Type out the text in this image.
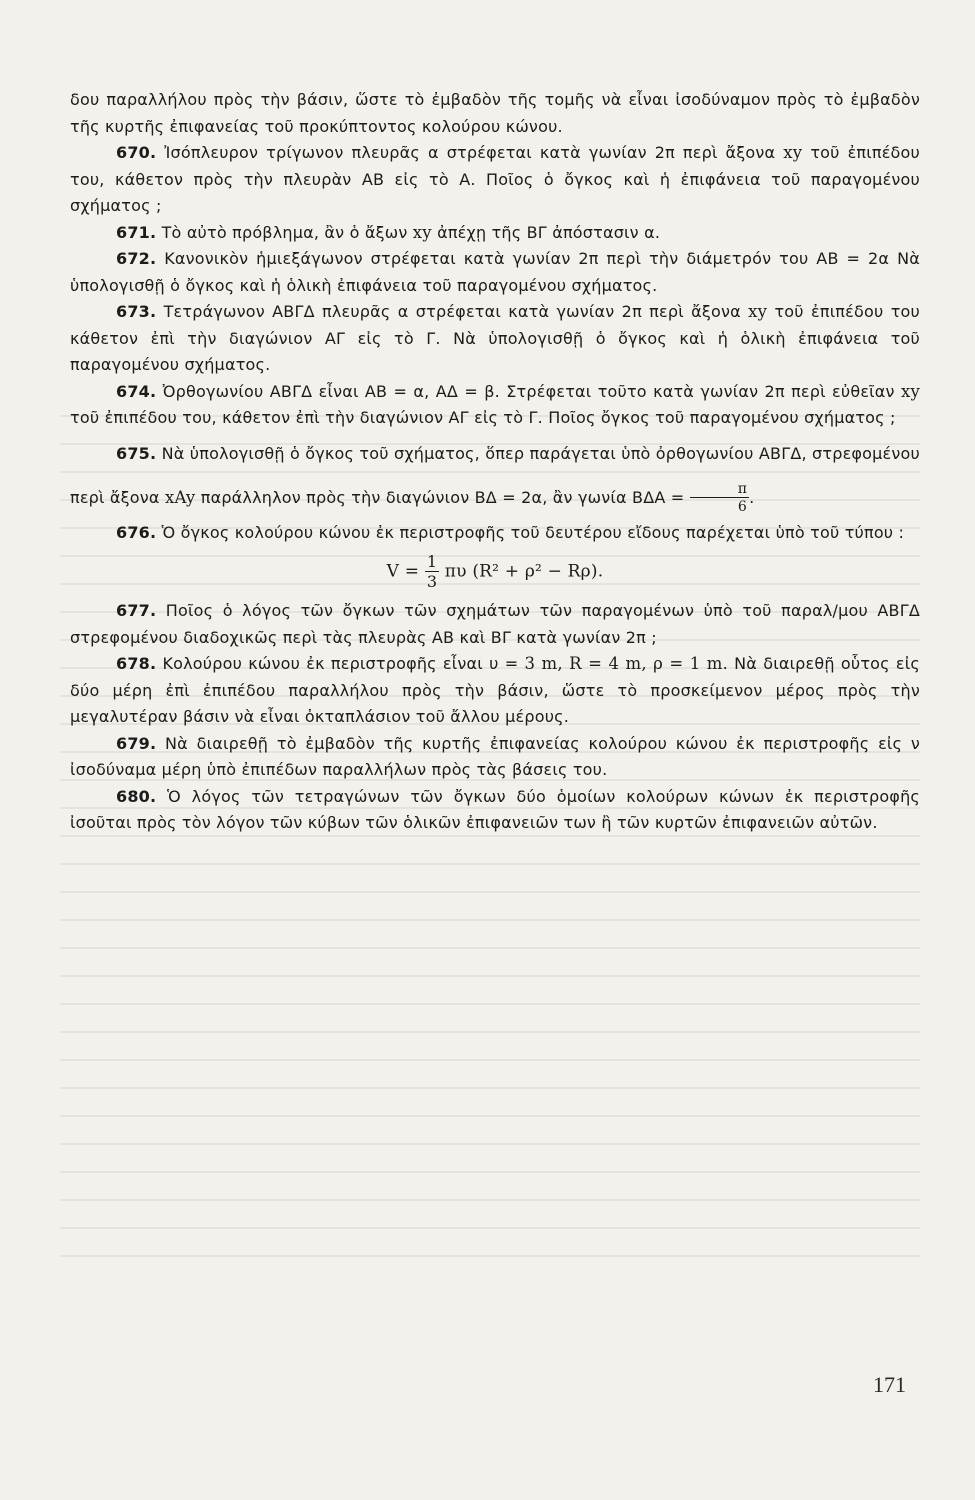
δου παραλλήλου πρὸς τὴν βάσιν, ὥστε τὸ ἐμβαδὸν τῆς τομῆς νὰ εἶναι ἰσοδύναμον πρὸς τὸ ἐμβαδὸν τῆς κυρτῆς ἐπιφανείας τοῦ προκύπτοντος κολούρου κώνου.

670. Ἰσόπλευρον τρίγωνον πλευρᾶς α στρέφεται κατὰ γωνίαν 2π περὶ ἄξονα xy τοῦ ἐπιπέδου του, κάθετον πρὸς τὴν πλευρὰν ΑΒ εἰς τὸ Α. Ποῖος ὁ ὄγκος καὶ ἡ ἐπιφάνεια τοῦ παραγομένου σχήματος ;

671. Τὸ αὐτὸ πρόβλημα, ἂν ὁ ἄξων xy ἀπέχῃ τῆς ΒΓ ἀπόστασιν α.

672. Κανονικὸν ἡμιεξάγωνον στρέφεται κατὰ γωνίαν 2π περὶ τὴν διάμετρόν του ΑΒ = 2α Νὰ ὑπολογισθῇ ὁ ὄγκος καὶ ἡ ὁλικὴ ἐπιφάνεια τοῦ παραγομένου σχήματος.

673. Τετράγωνον ΑΒΓΔ πλευρᾶς α στρέφεται κατὰ γωνίαν 2π περὶ ἄξονα xy τοῦ ἐπιπέδου του κάθετον ἐπὶ τὴν διαγώνιον ΑΓ εἰς τὸ Γ. Νὰ ὑπολογισθῇ ὁ ὄγκος καὶ ἡ ὁλικὴ ἐπιφάνεια τοῦ παραγομένου σχήματος.

674. Ὀρθογωνίου ΑΒΓΔ εἶναι ΑΒ = α, ΑΔ = β. Στρέφεται τοῦτο κατὰ γωνίαν 2π περὶ εὐθεῖαν xy τοῦ ἐπιπέδου του, κάθετον ἐπὶ τὴν διαγώνιον ΑΓ εἰς τὸ Γ. Ποῖος ὄγκος τοῦ παραγομένου σχήματος ;

675. Νὰ ὑπολογισθῇ ὁ ὄγκος τοῦ σχήματος, ὅπερ παράγεται ὑπὸ ὀρθογωνίου ΑΒΓΔ, στρεφομένου περὶ ἄξονα xAy παράλληλον πρὸς τὴν διαγώνιον ΒΔ = 2α, ἂν γωνία $B\Delta A = \frac{\pi}{6}$ .

676. Ὁ ὄγκος κολούρου κώνου ἐκ περιστροφῆς τοῦ δευτέρου εἴδους παρέχεται ὑπὸ τοῦ τύπου :

$V = \frac{1}{3}$ πυ (R² + ρ² − Rρ).

677. Ποῖος ὁ λόγος τῶν ὄγκων τῶν σχημάτων τῶν παραγομένων ὑπὸ τοῦ παραλ/μου ΑΒΓΔ στρεφομένου διαδοχικῶς περὶ τὰς πλευρὰς ΑΒ καὶ ΒΓ κατὰ γωνίαν 2π ;

678. Κολούρου κώνου ἐκ περιστροφῆς εἶναι υ = 3 m, R = 4 m, ρ = 1 m. Νὰ διαιρεθῇ οὗτος εἰς δύο μέρη ἐπὶ ἐπιπέδου παραλλήλου πρὸς τὴν βάσιν, ὥστε τὸ προσκείμενον μέρος πρὸς τὴν μεγαλυτέραν βάσιν νὰ εἶναι ὀκταπλάσιον τοῦ ἄλλου μέρους.

679. Νὰ διαιρεθῇ τὸ ἐμβαδὸν τῆς κυρτῆς ἐπιφανείας κολούρου κώνου ἐκ περιστροφῆς εἰς ν ἰσοδύναμα μέρη ὑπὸ ἐπιπέδων παραλλήλων πρὸς τὰς βάσεις του.

680. Ὁ λόγος τῶν τετραγώνων τῶν ὄγκων δύο ὁμοίων κολούρων κώνων ἐκ περιστροφῆς ἰσοῦται πρὸς τὸν λόγον τῶν κύβων τῶν ὁλικῶν ἐπιφανειῶν των ἢ τῶν κυρτῶν ἐπιφανειῶν αὐτῶν.

171
